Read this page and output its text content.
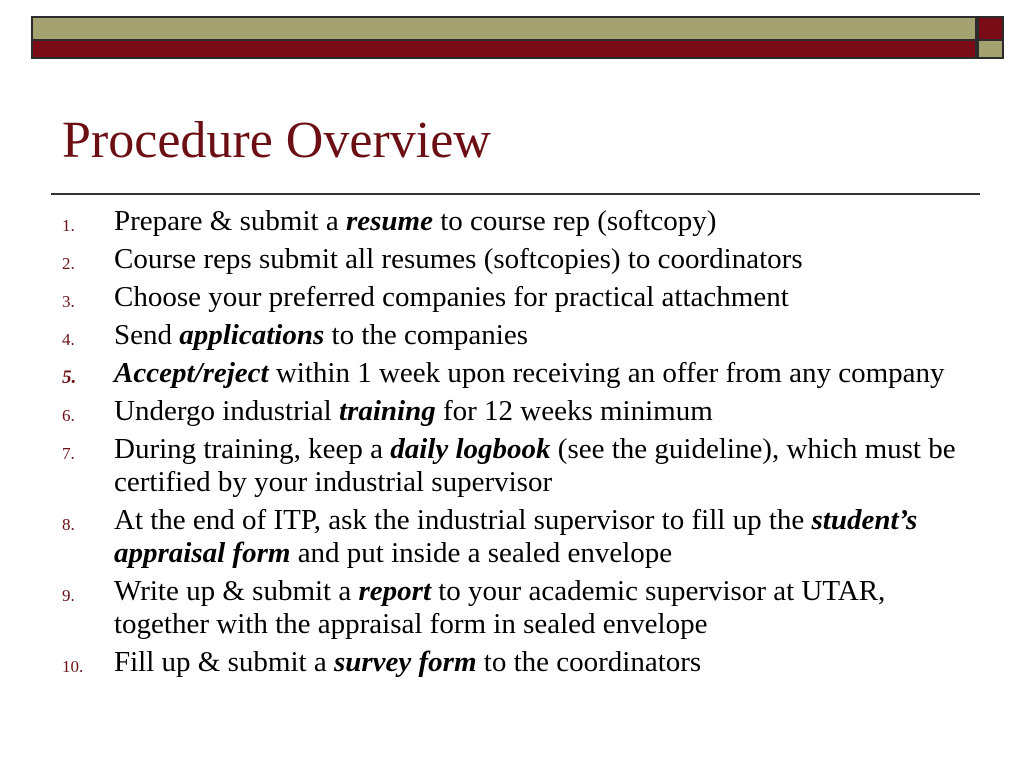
Procedure Overview
1. Prepare & submit a resume to course rep (softcopy)
2. Course reps submit all resumes (softcopies) to coordinators
3. Choose your preferred companies for practical attachment
4. Send applications to the companies
5. Accept/reject within 1 week upon receiving an offer from any company
6. Undergo industrial training for 12 weeks minimum
7. During training, keep a daily logbook (see the guideline), which must be certified by your industrial supervisor
8. At the end of ITP, ask the industrial supervisor to fill up the student’s appraisal form and put inside a sealed envelope
9. Write up & submit a report to your academic supervisor at UTAR, together with the appraisal form in sealed envelope
10. Fill up & submit a survey form to the coordinators
